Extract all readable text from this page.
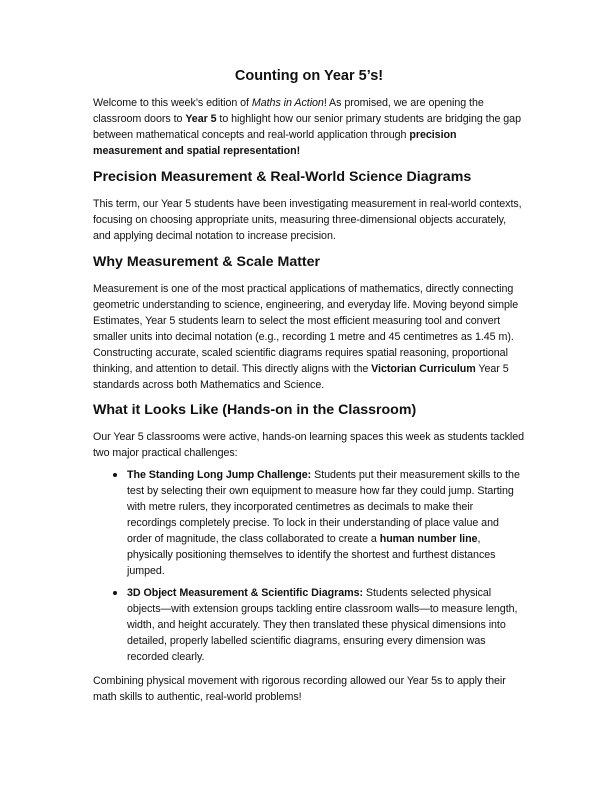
Counting on Year 5’s!

Welcome to this week’s edition of Maths in Action! As promised, we are opening the classroom doors to Year 5 to highlight how our senior primary students are bridging the gap between mathematical concepts and real-world application through precision measurement and spatial representation!

Precision Measurement & Real-World Science Diagrams

This term, our Year 5 students have been investigating measurement in real-world contexts, focusing on choosing appropriate units, measuring three-dimensional objects accurately, and applying decimal notation to increase precision.

Why Measurement & Scale Matter

Measurement is one of the most practical applications of mathematics, directly connecting geometric understanding to science, engineering, and everyday life. Moving beyond simple Estimates, Year 5 students learn to select the most efficient measuring tool and convert smaller units into decimal notation (e.g., recording 1 metre and 45 centimetres as 1.45 m). Constructing accurate, scaled scientific diagrams requires spatial reasoning, proportional thinking, and attention to detail. This directly aligns with the Victorian Curriculum Year 5 standards across both Mathematics and Science.

What it Looks Like (Hands-on in the Classroom)

Our Year 5 classrooms were active, hands-on learning spaces this week as students tackled two major practical challenges:

The Standing Long Jump Challenge: Students put their measurement skills to the test by selecting their own equipment to measure how far they could jump. Starting with metre rulers, they incorporated centimetres as decimals to make their recordings completely precise. To lock in their understanding of place value and order of magnitude, the class collaborated to create a human number line, physically positioning themselves to identify the shortest and furthest distances jumped.
3D Object Measurement & Scientific Diagrams: Students selected physical objects—with extension groups tackling entire classroom walls—to measure length, width, and height accurately. They then translated these physical dimensions into detailed, properly labelled scientific diagrams, ensuring every dimension was recorded clearly.

Combining physical movement with rigorous recording allowed our Year 5s to apply their math skills to authentic, real-world problems!
